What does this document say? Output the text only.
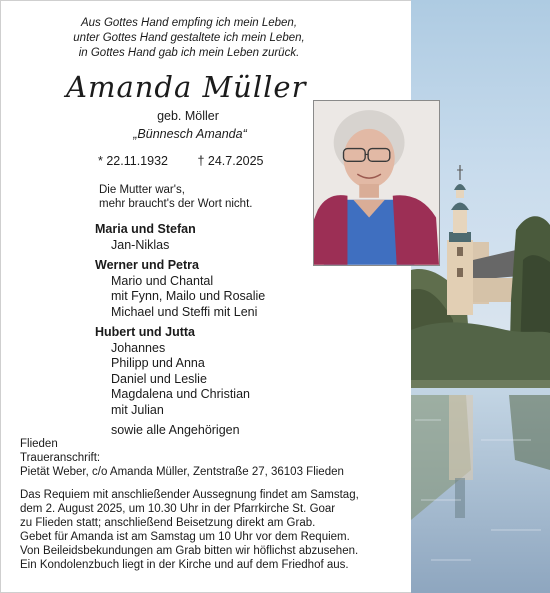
Aus Gottes Hand empfing ich mein Leben,
unter Gottes Hand gestaltete ich mein Leben,
in Gottes Hand gab ich mein Leben zurück.
Amanda Müller
geb. Möller
„Bünnesch Amanda“
* 22.11.1932 † 24.7.2025
Die Mutter war's,
mehr braucht's der Wort nicht.
Maria und Stefan
Jan-Niklas
Werner und Petra
Mario und Chantal
mit Fynn, Mailo und Rosalie
Michael und Steffi mit Leni
Hubert und Jutta
Johannes
Philipp und Anna
Daniel und Leslie
Magdalena und Christian
mit Julian
sowie alle Angehörigen
Flieden
Traueranschrift:
Pietät Weber, c/o Amanda Müller, Zentstraße 27, 36103 Flieden
Das Requiem mit anschließender Aussegnung findet am Samstag,
dem 2. August 2025, um 10.30 Uhr in der Pfarrkirche St. Goar
zu Flieden statt; anschließend Beisetzung direkt am Grab.
Gebet für Amanda ist am Samstag um 10 Uhr vor dem Requiem.
Von Beileidsbekundungen am Grab bitten wir höflichst abzusehen.
Ein Kondolenzbuch liegt in der Kirche und auf dem Friedhof aus.
